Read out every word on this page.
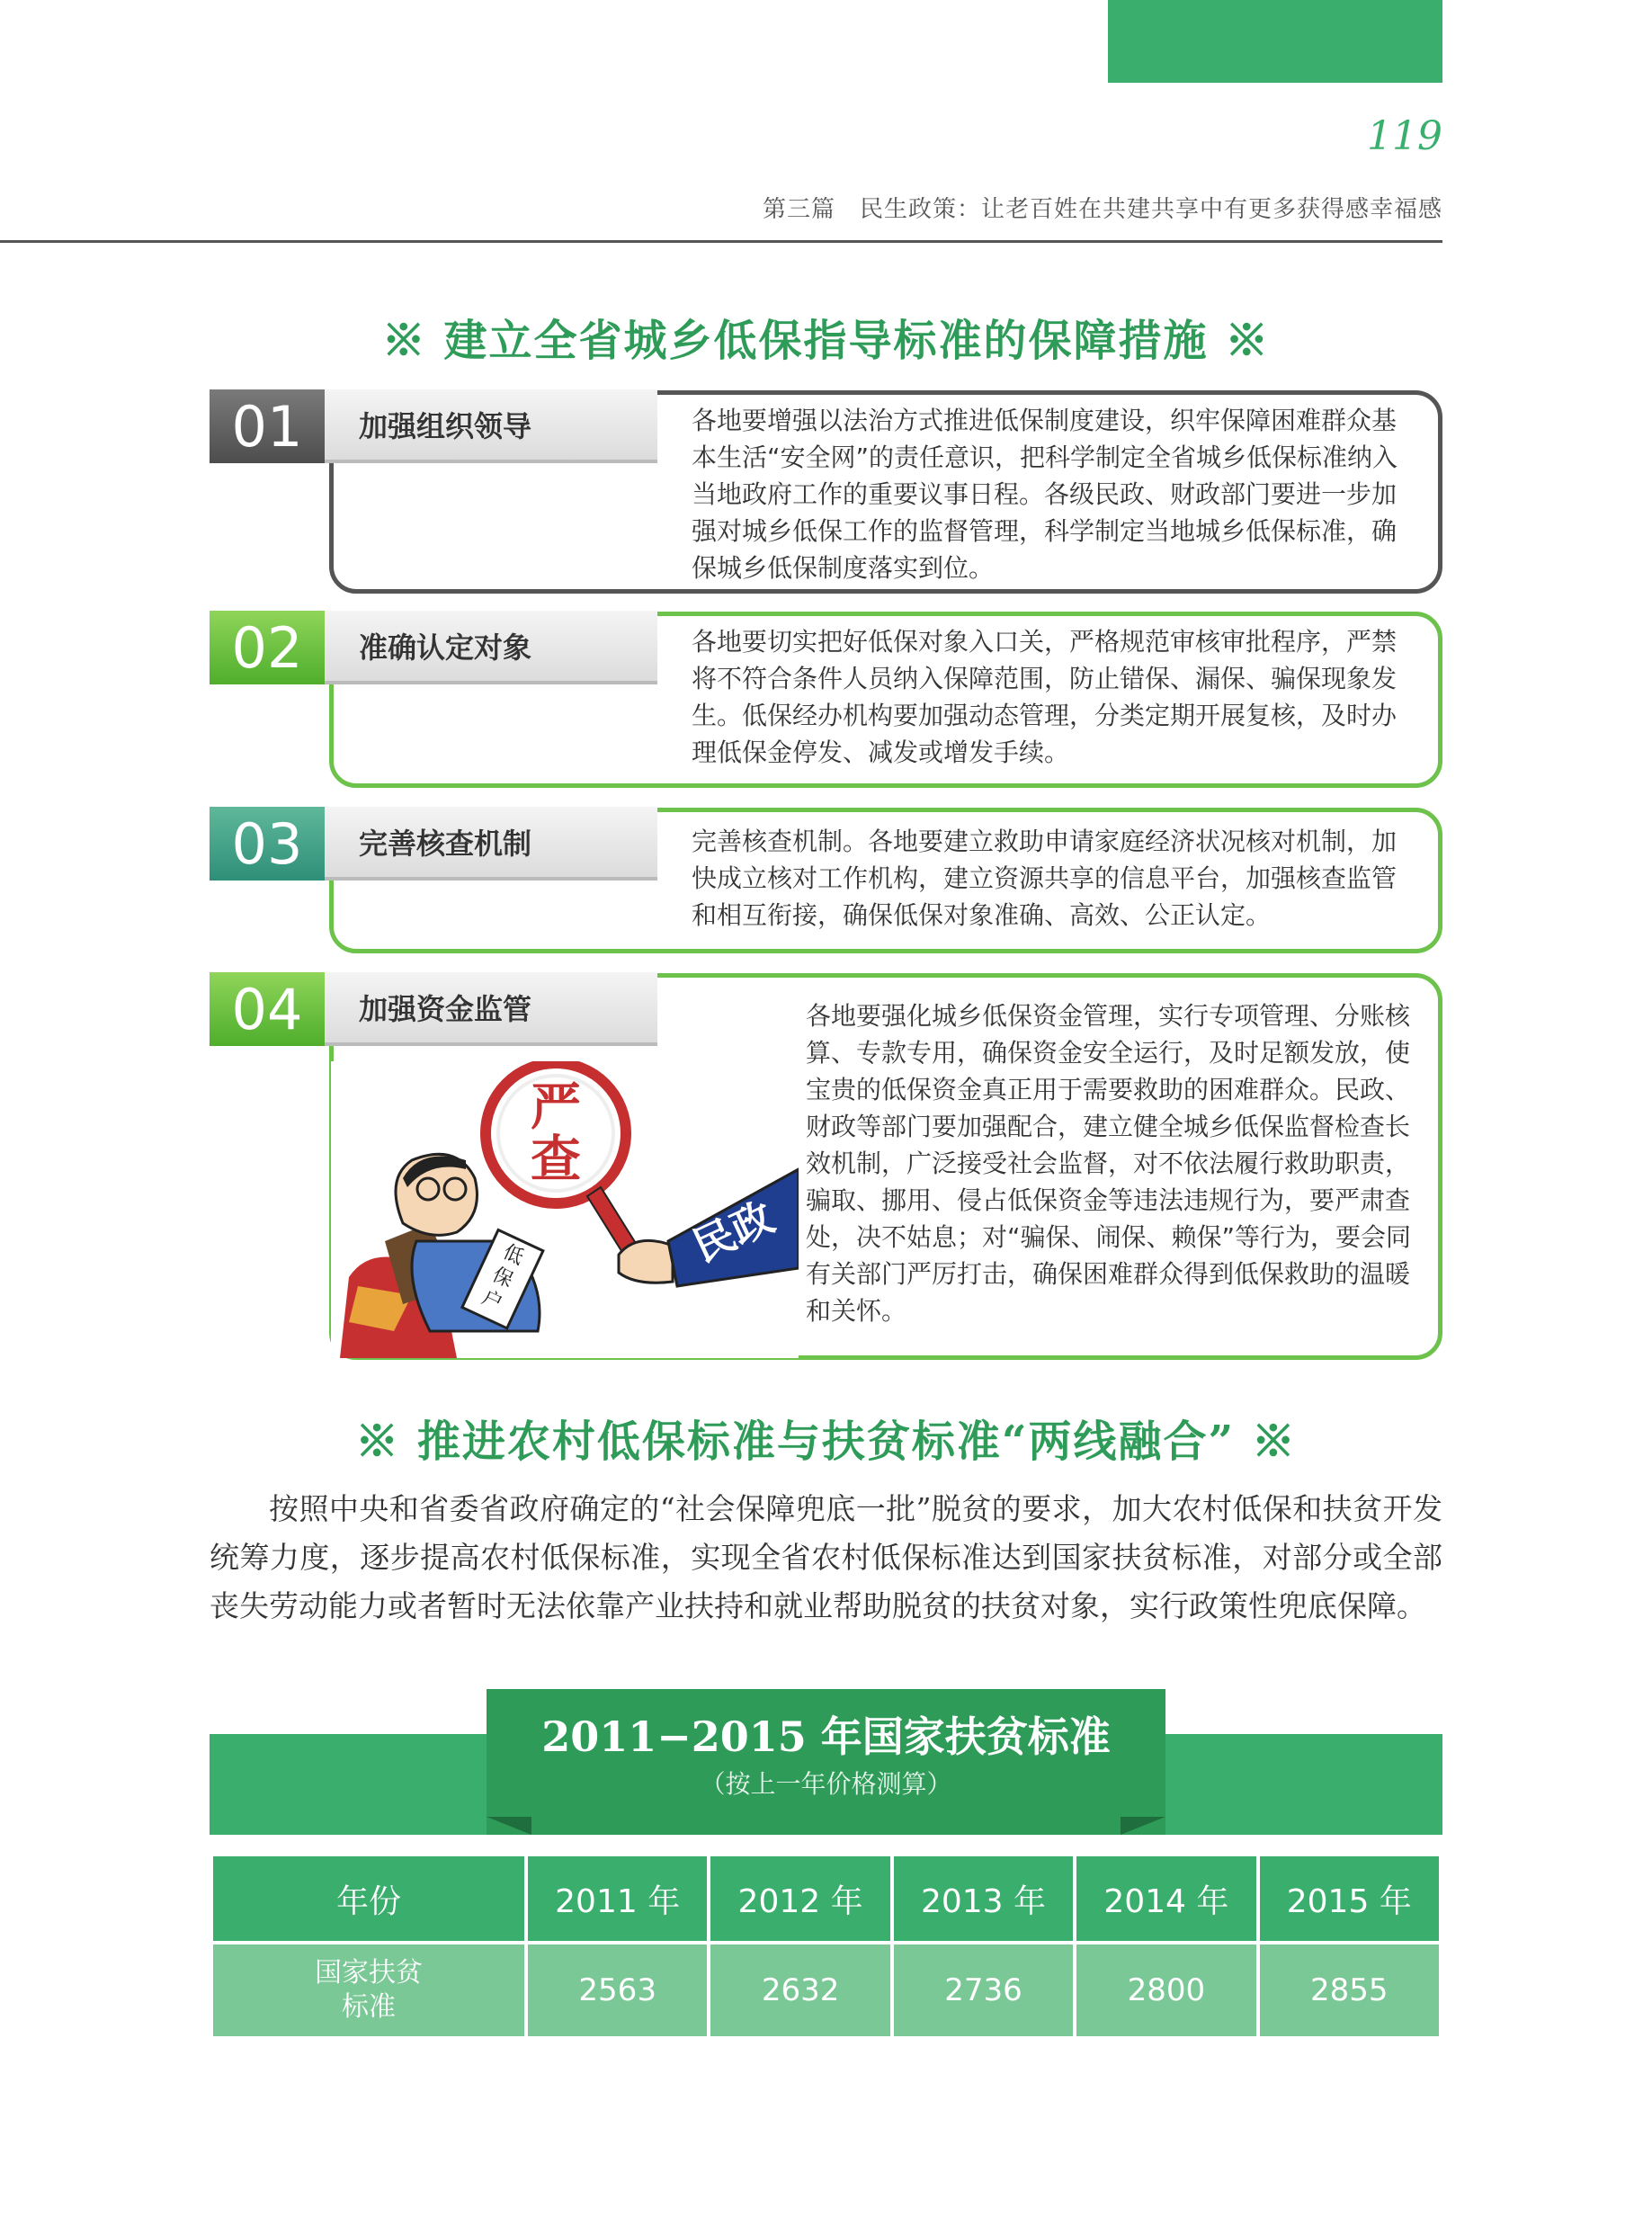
119
第三篇　民生政策：让老百姓在共建共享中有更多获得感幸福感
※ 建立全省城乡低保指导标准的保障措施 ※
01	加强组织领导	各地要增强以法治方式推进低保制度建设，织牢保障困难群众基本生活“安全网”的责任意识，把科学制定全省城乡低保标准纳入当地政府工作的重要议事日程。各级民政、财政部门要进一步加强对城乡低保工作的监督管理，科学制定当地城乡低保标准，确保城乡低保制度落实到位。
02	准确认定对象	各地要切实把好低保对象入口关，严格规范审核审批程序，严禁将不符合条件人员纳入保障范围，防止错保、漏保、骗保现象发生。低保经办机构要加强动态管理，分类定期开展复核，及时办理低保金停发、减发或增发手续。
03	完善核查机制	完善核查机制。各地要建立救助申请家庭经济状况核对机制，加快成立核对工作机构，建立资源共享的信息平台，加强核查监管和相互衔接，确保低保对象准确、高效、公正认定。
04	加强资金监管	各地要强化城乡低保资金管理，实行专项管理、分账核算、专款专用，确保资金安全运行，及时足额发放，使宝贵的低保资金真正用于需要救助的困难群众。民政、财政等部门要加强配合，建立健全城乡低保监督检查长效机制，广泛接受社会监督，对不依法履行救助职责，骗取、挪用、侵占低保资金等违法违规行为，要严肃查处，决不姑息；对“骗保、闹保、赖保”等行为，要会同有关部门严厉打击，确保困难群众得到低保救助的温暖和关怀。
低
保
户
严
查
民政
※ 推进农村低保标准与扶贫标准“两线融合” ※
按照中央和省委省政府确定的“社会保障兜底一批”脱贫的要求，加大农村低保和扶贫开发统筹力度，逐步提高农村低保标准，实现全省农村低保标准达到国家扶贫标准，对部分或全部丧失劳动能力或者暂时无法依靠产业扶持和就业帮助脱贫的扶贫对象，实行政策性兜底保障。
2011−2015 年国家扶贫标准
（按上一年价格测算）
年份	2011 年	2012 年	2013 年	2014 年	2015 年

国家扶贫标准	2563	2632	2736	2800	2855
